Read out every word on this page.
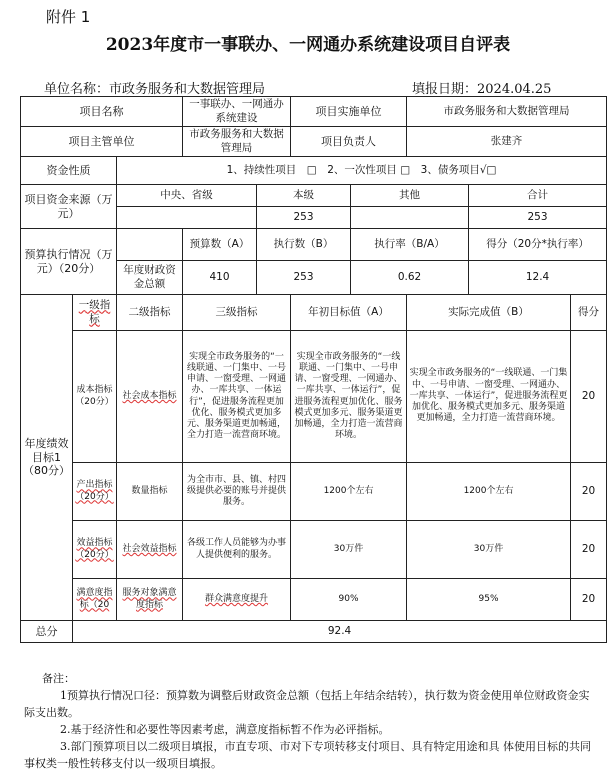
附件 1
2023年度市一事联办、一网通办系统建设项目自评表
单位名称：市政务服务和大数据管理局	填报日期：2024.04.25
项目名称			一事联办、一网通办系统建设		项目实施单位		市政务服务和大数据管理局		
项目主管单位			市政务服务和大数据管理局		项目负责人		张建齐		
资金性质		1、持续性项目　□　2、一次性项目 □　3、债务项目√□							
项目资金来源（万元）		中央、省级		本级		其他		合计	
				253				253	
预算执行情况（万元）（20分）			预算数（A）	执行数（B）		执行率（B/A）		得分（20分*执行率）	
		年度财政资金总额	410	253		0.62		12.4	
年度绩效目标1（80分）	一级指标	二级指标	三级指标		年初目标值（A）		实际完成值（B）		得分
	成本指标（20分）	社会成本指标	实现全市政务服务的“一线联通、一门集中、一号申请、一窗受理、一网通办、一库共享、一体运行”，促进服务流程更加优化、服务模式更加多元、服务渠道更加畅通，全力打造一流营商环境。		实现全市政务服务的“一线联通、一门集中、一号申请、一窗受理、一网通办、一库共享、一体运行”，促进服务流程更加优化、服务模式更加多元、服务渠道更加畅通，全力打造一流营商环境。		实现全市政务服务的“一线联通、一门集中、一号申请、一窗受理、一网通办、一库共享、一体运行”，促进服务流程更加优化、服务模式更加多元、服务渠道更加畅通，全力打造一流营商环境。		20
	产出指标（20分）	数量指标	为全市市、县、镇、村四级提供必要的账号并提供服务。		1200个左右		1200个左右		20
	效益指标（20分）	社会效益指标	各级工作人员能够为办事人提供便利的服务。		30万件		30万件		20
	满意度指标（20	服务对象满意度指标	群众满意度提升		90%		95%		20
总分	92.4								

备注：

1预算执行情况口径：预算数为调整后财政资金总额（包括上年结余结转），执行数为资金使用单位财政资金实际支出数。

2.基于经济性和必要性等因素考虑，满意度指标暂不作为必评指标。

3.部门预算项目以二级项目填报，市直专项、市对下专项转移支付项目、具有特定用途和具 体使用目标的共同事权类一般性转移支付以一级项目填报。
